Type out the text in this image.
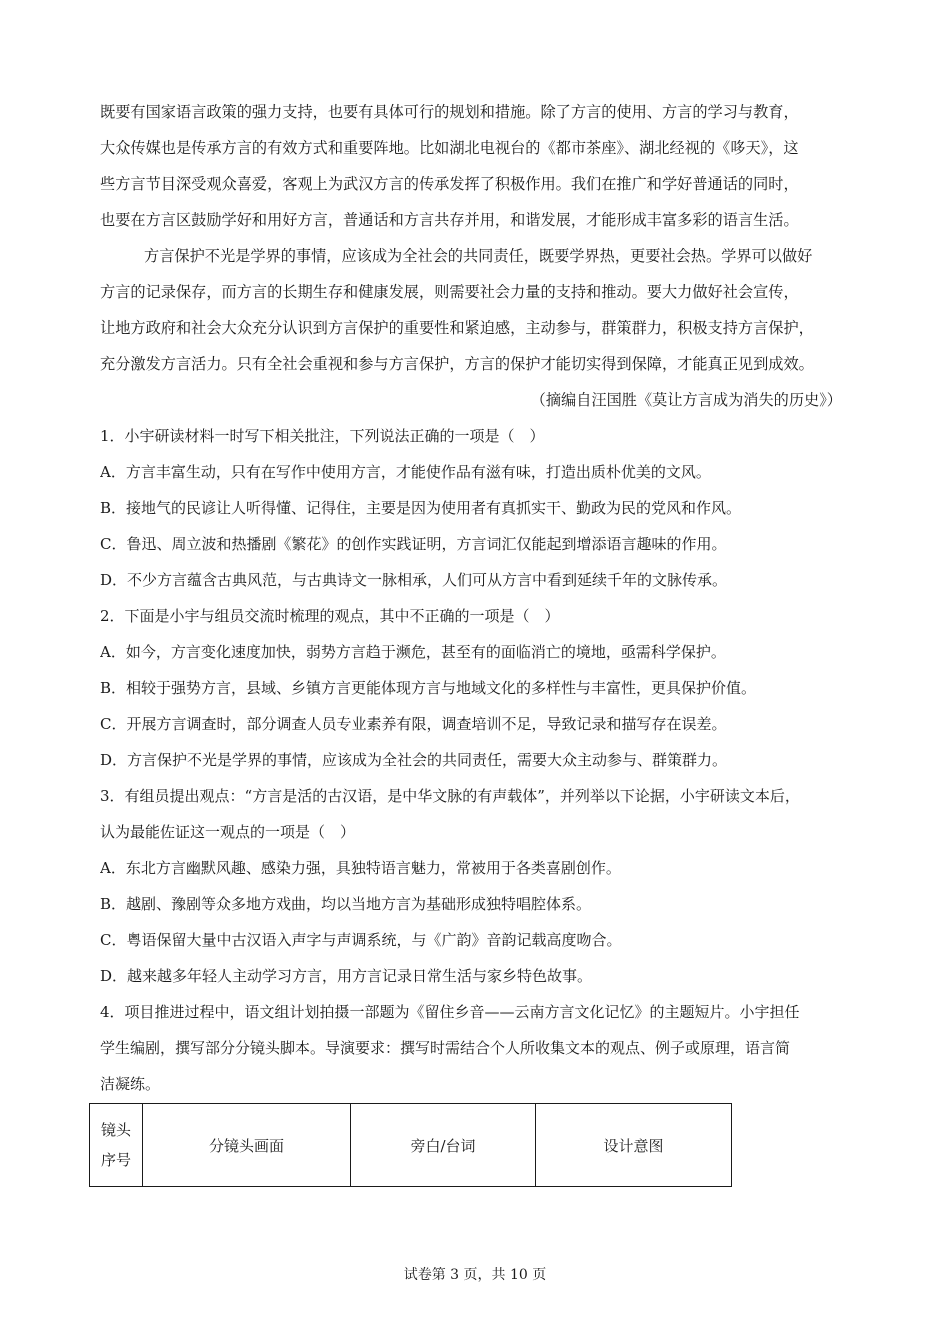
既要有国家语言政策的强力支持，也要有具体可行的规划和措施。除了方言的使用、方言的学习与教育，
大众传媒也是传承方言的有效方式和重要阵地。比如湖北电视台的《都市茶座》、湖北经视的《哆天》，这
些方言节目深受观众喜爱，客观上为武汉方言的传承发挥了积极作用。我们在推广和学好普通话的同时，
也要在方言区鼓励学好和用好方言，普通话和方言共存并用，和谐发展，才能形成丰富多彩的语言生活。
方言保护不光是学界的事情，应该成为全社会的共同责任，既要学界热，更要社会热。学界可以做好
方言的记录保存，而方言的长期生存和健康发展，则需要社会力量的支持和推动。要大力做好社会宣传，
让地方政府和社会大众充分认识到方言保护的重要性和紧迫感，主动参与，群策群力，积极支持方言保护，
充分激发方言活力。只有全社会重视和参与方言保护，方言的保护才能切实得到保障，才能真正见到成效。
（摘编自汪国胜《莫让方言成为消失的历史》）
1．小宇研读材料一时写下相关批注，下列说法正确的一项是（　）
A．方言丰富生动，只有在写作中使用方言，才能使作品有滋有味，打造出质朴优美的文风。
B．接地气的民谚让人听得懂、记得住，主要是因为使用者有真抓实干、勤政为民的党风和作风。
C．鲁迅、周立波和热播剧《繁花》的创作实践证明，方言词汇仅能起到增添语言趣味的作用。
D．不少方言蕴含古典风范，与古典诗文一脉相承，人们可从方言中看到延续千年的文脉传承。
2．下面是小宇与组员交流时梳理的观点，其中不正确的一项是（　）
A．如今，方言变化速度加快，弱势方言趋于濒危，甚至有的面临消亡的境地，亟需科学保护。
B．相较于强势方言，县域、乡镇方言更能体现方言与地域文化的多样性与丰富性，更具保护价值。
C．开展方言调查时，部分调查人员专业素养有限，调查培训不足，导致记录和描写存在误差。
D．方言保护不光是学界的事情，应该成为全社会的共同责任，需要大众主动参与、群策群力。
3．有组员提出观点：“方言是活的古汉语，是中华文脉的有声载体”，并列举以下论据，小宇研读文本后，
认为最能佐证这一观点的一项是（　）
A．东北方言幽默风趣、感染力强，具独特语言魅力，常被用于各类喜剧创作。
B．越剧、豫剧等众多地方戏曲，均以当地方言为基础形成独特唱腔体系。
C．粤语保留大量中古汉语入声字与声调系统，与《广韵》音韵记载高度吻合。
D．越来越多年轻人主动学习方言，用方言记录日常生活与家乡特色故事。
4．项目推进过程中，语文组计划拍摄一部题为《留住乡音——云南方言文化记忆》的主题短片。小宇担任
学生编剧，撰写部分分镜头脚本。导演要求：撰写时需结合个人所收集文本的观点、例子或原理，语言简
洁凝练。
镜头
序号	分镜头画面	旁白/台词	设计意图
试卷第 3 页，共 10 页
